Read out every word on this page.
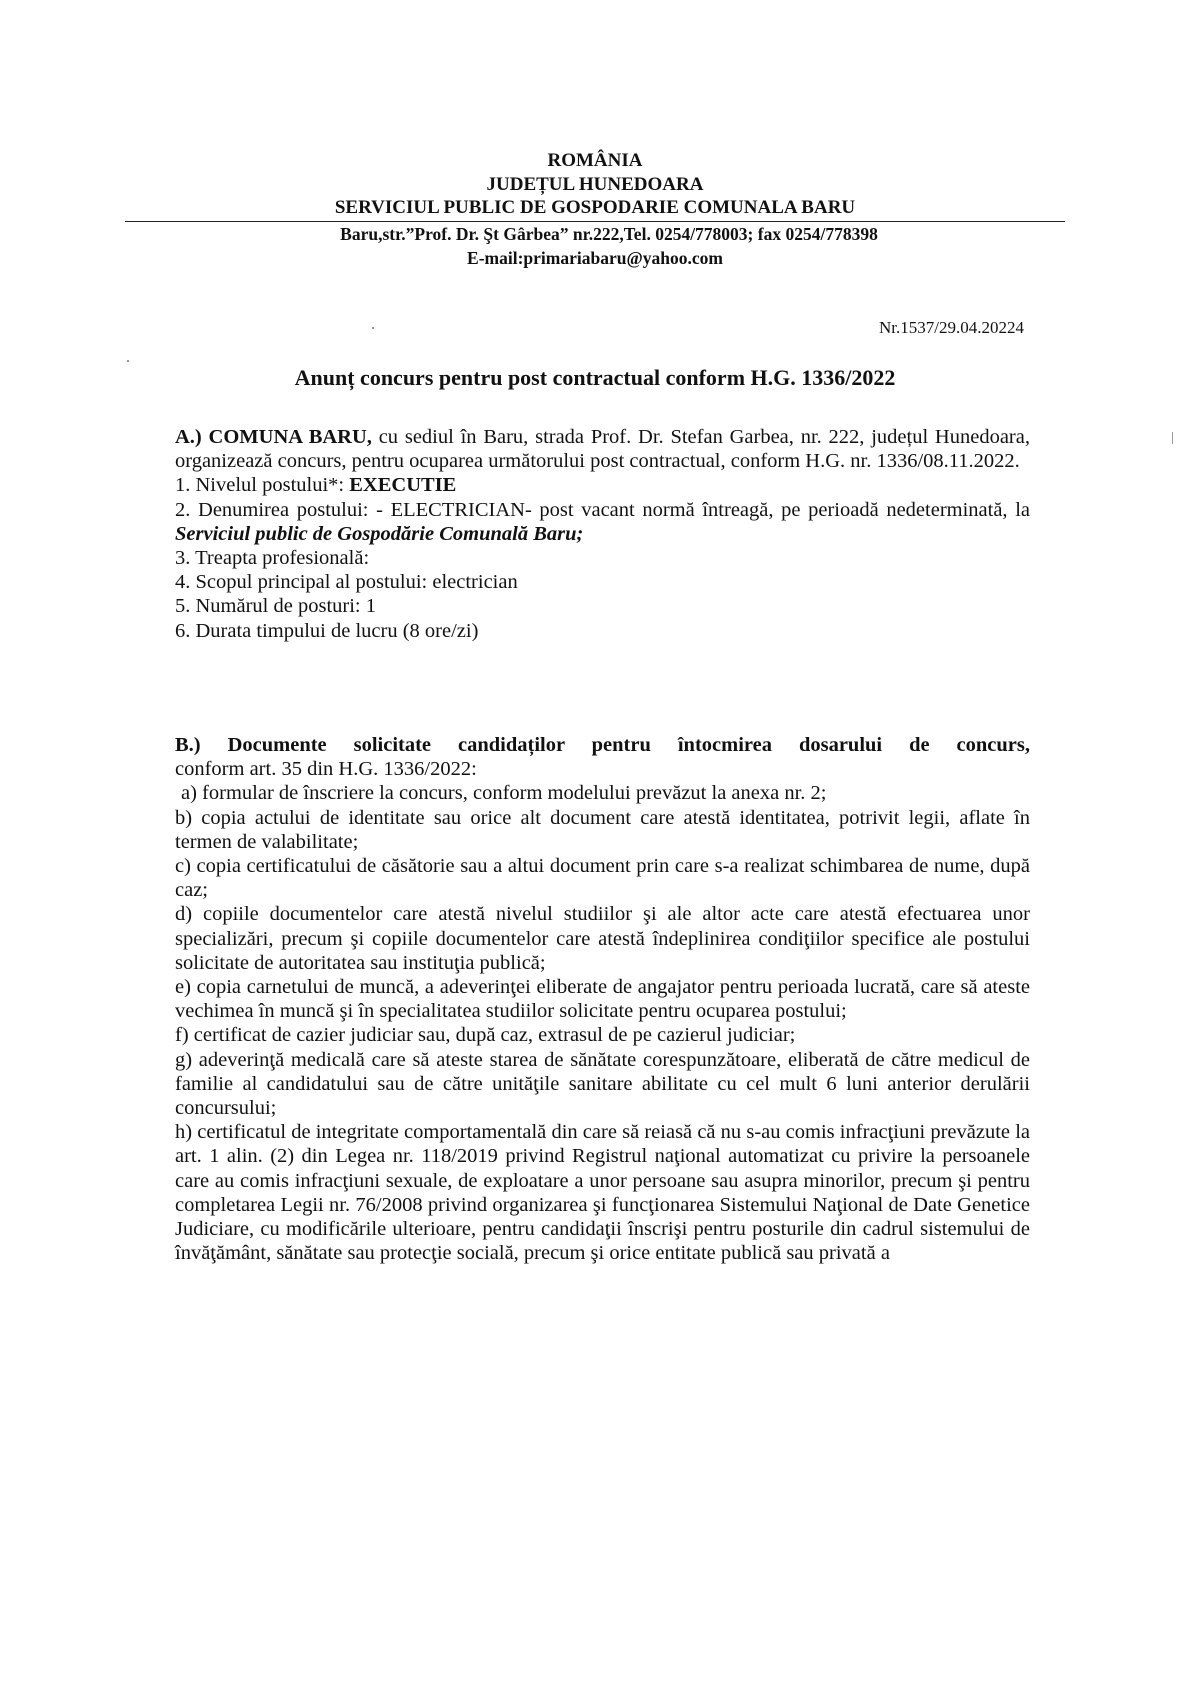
ROMÂNIA
JUDEȚUL HUNEDOARA
SERVICIUL PUBLIC DE GOSPODARIE COMUNALA BARU
Baru,str.”Prof. Dr. Şt Gârbea” nr.222,Tel. 0254/778003; fax 0254/778398
E-mail:primariabaru@yahoo.com
Nr.1537/29.04.20224
Anunț concurs pentru post contractual conform H.G. 1336/2022

A.) COMUNA BARU, cu sediul în Baru, strada Prof. Dr. Stefan Garbea, nr. 222, județul Hunedoara, organizează concurs, pentru ocuparea următorului post contractual, conform H.G. nr. 1336/08.11.2022.

1. Nivelul postului*: EXECUTIE

2. Denumirea postului: - ELECTRICIAN- post vacant normă întreagă, pe perioadă nedeterminată, la Serviciul public de Gospodărie Comunală Baru;

3. Treapta profesională:

4. Scopul principal al postului: electrician

5. Numărul de posturi: 1

6. Durata timpului de lucru (8 ore/zi)

B.) Documente solicitate candidaților pentru întocmirea dosarului de concurs,

conform art. 35 din H.G. 1336/2022:

a) formular de înscriere la concurs, conform modelului prevăzut la anexa nr. 2;

b) copia actului de identitate sau orice alt document care atestă identitatea, potrivit legii, aflate în termen de valabilitate;

c) copia certificatului de căsătorie sau a altui document prin care s-a realizat schimbarea de nume, după caz;

d) copiile documentelor care atestă nivelul studiilor şi ale altor acte care atestă efectuarea unor specializări, precum şi copiile documentelor care atestă îndeplinirea condiţiilor specifice ale postului solicitate de autoritatea sau instituţia publică;

e) copia carnetului de muncă, a adeverinţei eliberate de angajator pentru perioada lucrată, care să ateste vechimea în muncă şi în specialitatea studiilor solicitate pentru ocuparea postului;

f) certificat de cazier judiciar sau, după caz, extrasul de pe cazierul judiciar;

g) adeverinţă medicală care să ateste starea de sănătate corespunzătoare, eliberată de către medicul de familie al candidatului sau de către unităţile sanitare abilitate cu cel mult 6 luni anterior derulării concursului;

h) certificatul de integritate comportamentală din care să reiasă că nu s-au comis infracţiuni prevăzute la art. 1 alin. (2) din Legea nr. 118/2019 privind Registrul naţional automatizat cu privire la persoanele care au comis infracţiuni sexuale, de exploatare a unor persoane sau asupra minorilor, precum şi pentru completarea Legii nr. 76/2008 privind organizarea şi funcţionarea Sistemului Naţional de Date Genetice Judiciare, cu modificările ulterioare, pentru candidaţii înscrişi pentru posturile din cadrul sistemului de învăţământ, sănătate sau protecţie socială, precum şi orice entitate publică sau privată a
